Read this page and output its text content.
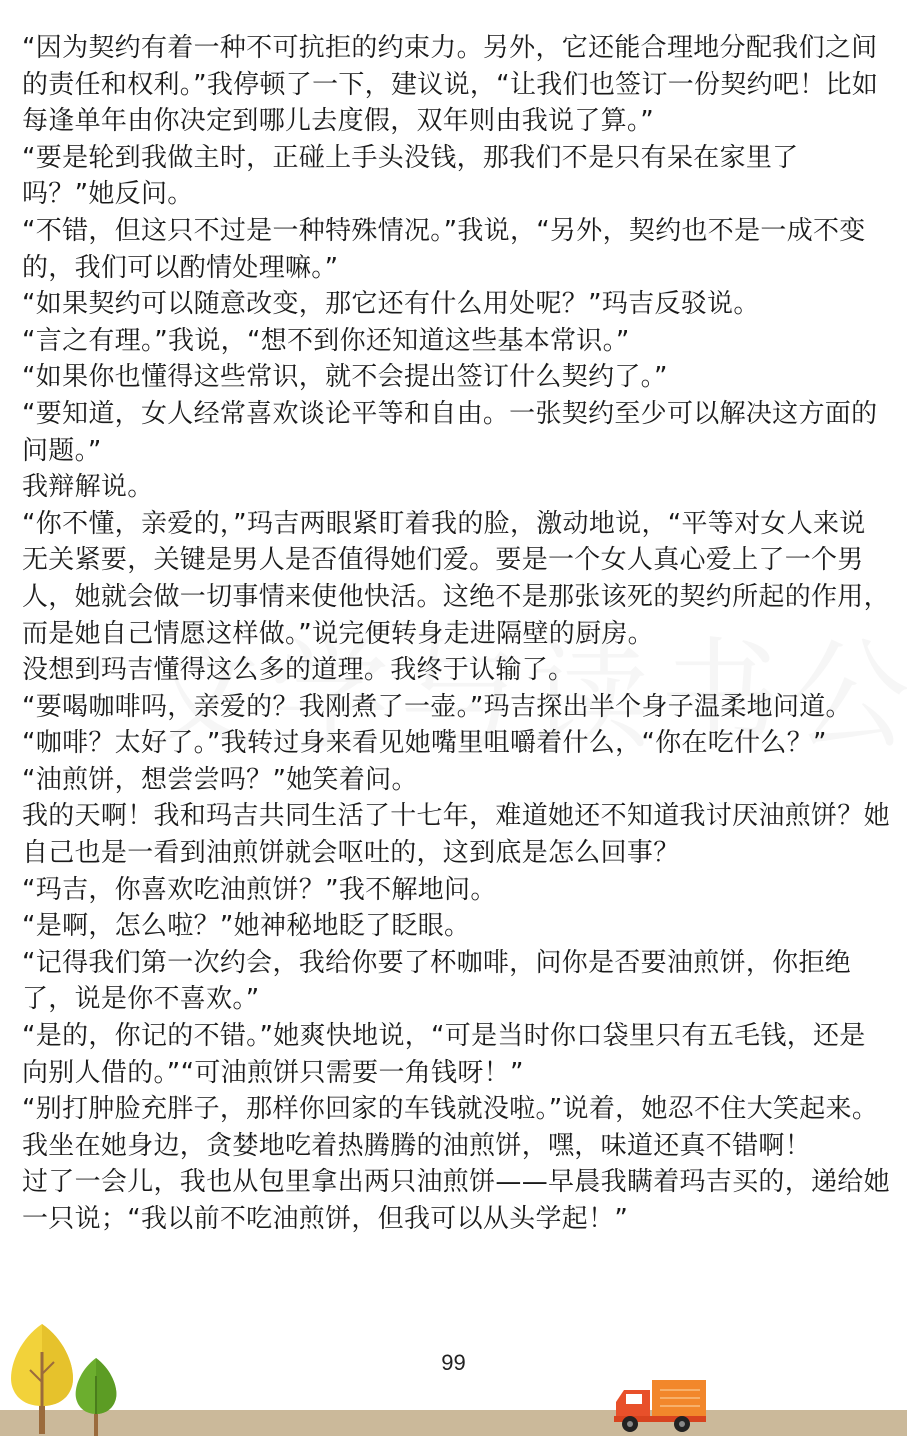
“因为契约有着一种不可抗拒的约束力。另外，它还能合理地分配我们之间的责任和权利。”我停顿了一下，建议说，“让我们也签订一份契约吧！比如每逢单年由你决定到哪儿去度假，双年则由我说了算。”

“要是轮到我做主时，正碰上手头没钱，那我们不是只有呆在家里了吗？”她反问。

“不错，但这只不过是一种特殊情况。”我说，“另外，契约也不是一成不变的，我们可以酌情处理嘛。”

“如果契约可以随意改变，那它还有什么用处呢？”玛吉反驳说。

“言之有理。”我说，“想不到你还知道这些基本常识。”

“如果你也懂得这些常识，就不会提出签订什么契约了。”

“要知道，女人经常喜欢谈论平等和自由。一张契约至少可以解决这方面的问题。”

我辩解说。

“你不懂，亲爱的，”玛吉两眼紧盯着我的脸，激动地说，“平等对女人来说无关紧要，关键是男人是否值得她们爱。要是一个女人真心爱上了一个男人，她就会做一切事情来使他快活。这绝不是那张该死的契约所起的作用，而是她自己情愿这样做。”说完便转身走进隔壁的厨房。

没想到玛吉懂得这么多的道理。我终于认输了。

“要喝咖啡吗，亲爱的？我刚煮了一壶。”玛吉探出半个身子温柔地问道。

“咖啡？太好了。”我转过身来看见她嘴里咀嚼着什么，“你在吃什么？”

“油煎饼，想尝尝吗？”她笑着问。

我的天啊！我和玛吉共同生活了十七年，难道她还不知道我讨厌油煎饼？她自己也是一看到油煎饼就会呕吐的，这到底是怎么回事？

“玛吉，你喜欢吃油煎饼？”我不解地问。

“是啊，怎么啦？”她神秘地眨了眨眼。

“记得我们第一次约会，我给你要了杯咖啡，问你是否要油煎饼，你拒绝了，说是你不喜欢。”

“是的，你记的不错。”她爽快地说，“可是当时你口袋里只有五毛钱，还是向别人借的。”“可油煎饼只需要一角钱呀！”

“别打肿脸充胖子，那样你回家的车钱就没啦。”说着，她忍不住大笑起来。

我坐在她身边，贪婪地吃着热腾腾的油煎饼，嘿，味道还真不错啊！

过了一会儿，我也从包里拿出两只油煎饼——早晨我瞒着玛吉买的，递给她一只说；“我以前不吃油煎饼，但我可以从头学起！”

99
